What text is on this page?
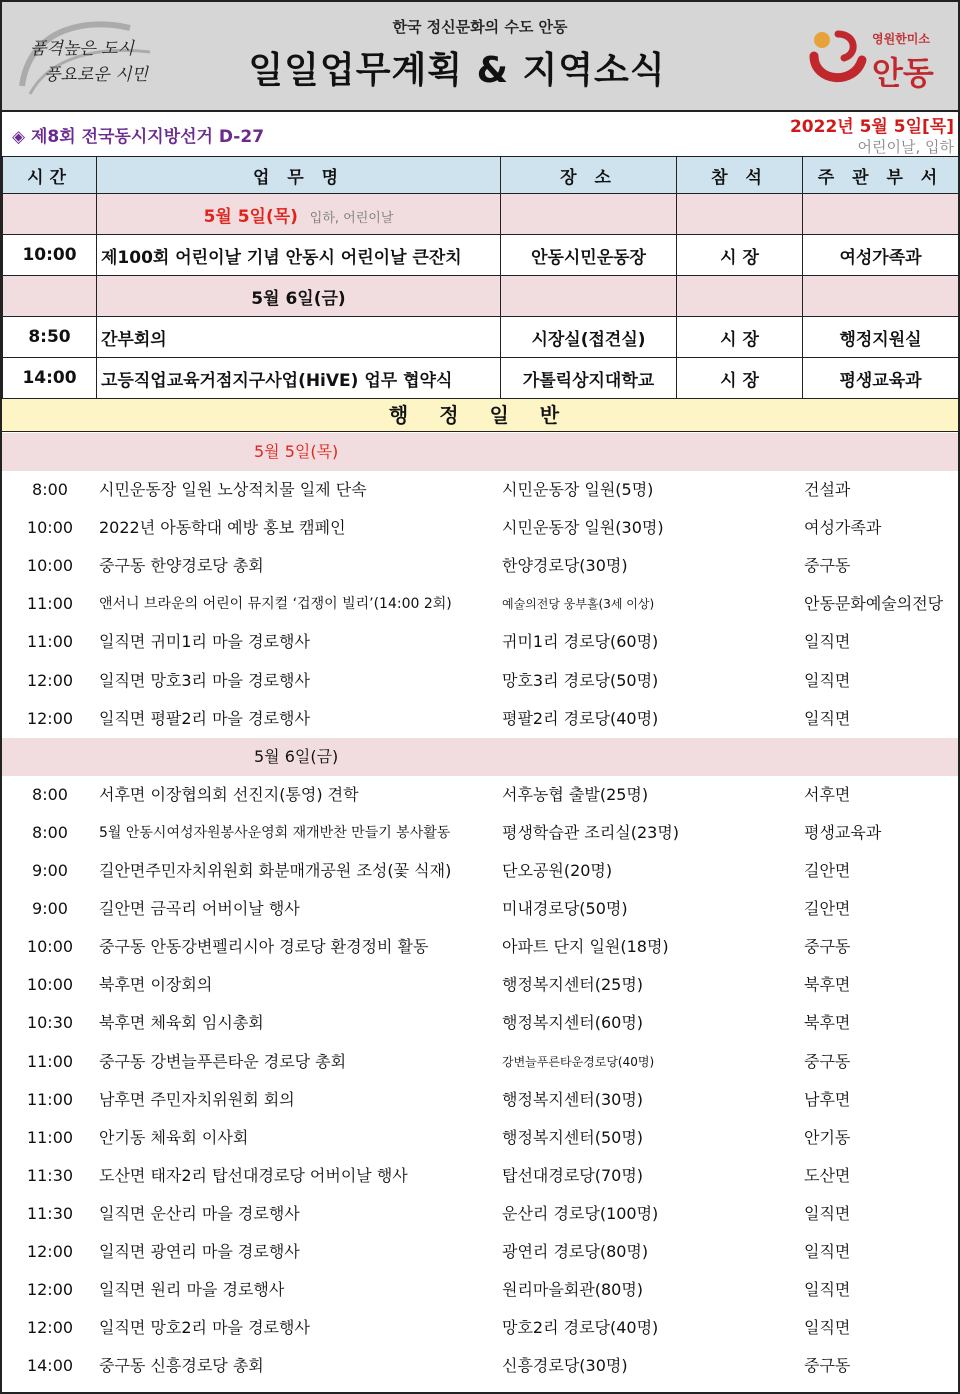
품격높은 도시
풍요로운 시민
한국 정신문화의 수도 안동
일일업무계획 & 지역소식
영원한미소
안동
◈ 제8회 전국동시지방선거 D-27	2022년 5월 5일[목]
어린이날, 입하
시간	업 무 명	장 소	참 석	주 관 부 서
	5월 5일(목) 입하, 어린이날			
10:00	제100회 어린이날 기념 안동시 어린이날 큰잔치	안동시민운동장	시 장	여성가족과
	5월 6일(금)			
8:50	간부회의	시장실(접견실)	시 장	행정지원실
14:00	고등직업교육거점지구사업(HiVE) 업무 협약식	가톨릭상지대학교	시 장	평생교육과
행 정 일 반
5월 5일(목)
8:00	시민운동장 일원 노상적치물 일제 단속	시민운동장 일원(5명)	건설과
10:00	2022년 아동학대 예방 홍보 캠페인	시민운동장 일원(30명)	여성가족과
10:00	중구동 한양경로당 총회	한양경로당(30명)	중구동
11:00	앤서니 브라운의 어린이 뮤지컬 ‘겁쟁이 빌리’(14:00 2회)	예술의전당 웅부홀(3세 이상)	안동문화예술의전당
11:00	일직면 귀미1리 마을 경로행사	귀미1리 경로당(60명)	일직면
12:00	일직면 망호3리 마을 경로행사	망호3리 경로당(50명)	일직면
12:00	일직면 평팔2리 마을 경로행사	평팔2리 경로당(40명)	일직면
5월 6일(금)
8:00	서후면 이장협의회 선진지(통영) 견학	서후농협 출발(25명)	서후면
8:00	5월 안동시여성자원봉사운영회 재개반찬 만들기 봉사활동	평생학습관 조리실(23명)	평생교육과
9:00	길안면주민자치위원회 화분매개공원 조성(꽃 식재)	단오공원(20명)	길안면
9:00	길안면 금곡리 어버이날 행사	미내경로당(50명)	길안면
10:00	중구동 안동강변펠리시아 경로당 환경정비 활동	아파트 단지 일원(18명)	중구동
10:00	북후면 이장회의	행정복지센터(25명)	북후면
10:30	북후면 체육회 임시총회	행정복지센터(60명)	북후면
11:00	중구동 강변늘푸른타운 경로당 총회	강변늘푸른타운경로당(40명)	중구동
11:00	남후면 주민자치위원회 회의	행정복지센터(30명)	남후면
11:00	안기동 체육회 이사회	행정복지센터(50명)	안기동
11:30	도산면 태자2리 탑선대경로당 어버이날 행사	탑선대경로당(70명)	도산면
11:30	일직면 운산리 마을 경로행사	운산리 경로당(100명)	일직면
12:00	일직면 광연리 마을 경로행사	광연리 경로당(80명)	일직면
12:00	일직면 원리 마을 경로행사	원리마을회관(80명)	일직면
12:00	일직면 망호2리 마을 경로행사	망호2리 경로당(40명)	일직면
14:00	중구동 신흥경로당 총회	신흥경로당(30명)	중구동
